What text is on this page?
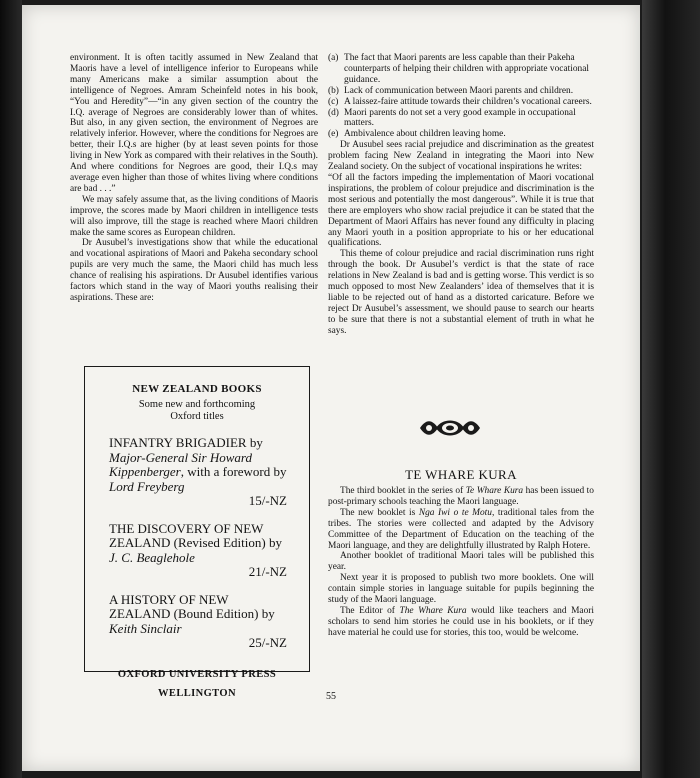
environment. It is often tacitly assumed in New Zealand that Maoris have a level of intelligence inferior to Europeans while many Americans make a similar assumption about the intelligence of Negroes. Amram Scheinfeld notes in his book, “You and Heredity”—“in any given section of the country the I.Q. average of Negroes are considerably lower than of whites. But also, in any given section, the environment of Negroes are relatively inferior. However, where the conditions for Negroes are better, their I.Q.s are higher (by at least seven points for those living in New York as compared with their relatives in the South). And where conditions for Negroes are good, their I.Q.s may average even higher than those of whites living where conditions are bad . . .”

We may safely assume that, as the living conditions of Maoris improve, the scores made by Maori children in intelligence tests will also improve, till the stage is reached where Maori children make the same scores as European children.

Dr Ausubel’s investigations show that while the educational and vocational aspirations of Maori and Pakeha secondary school pupils are very much the same, the Maori child has much less chance of realising his aspirations. Dr Ausubel identifies various factors which stand in the way of Maori youths realising their aspirations. These are:

(a) The fact that Maori parents are less capable than their Pakeha counterparts of helping their children with appropriate vocational guidance.
(b) Lack of communication between Maori parents and children.
(c) A laissez-faire attitude towards their children’s vocational careers.
(d) Maori parents do not set a very good example in occupational matters.
(e) Ambivalence about children leaving home.

Dr Ausubel sees racial prejudice and discrimination as the greatest problem facing New Zealand in integrating the Maori into New Zealand society. On the subject of vocational inspirations he writes:

“Of all the factors impeding the implementation of Maori vocational inspirations, the problem of colour prejudice and discrimination is the most serious and potentially the most dangerous”. While it is true that there are employers who show racial prejudice it can be stated that the Department of Maori Affairs has never found any difficulty in placing any Maori youth in a position appropriate to his or her educational qualifications.

This theme of colour prejudice and racial discrimination runs right through the book. Dr Ausubel’s verdict is that the state of race relations in New Zealand is bad and is getting worse. This verdict is so much opposed to most New Zealanders’ idea of themselves that it is liable to be rejected out of hand as a distorted caricature. Before we reject Dr Ausubel’s assessment, we should pause to search our hearts to be sure that there is not a substantial element of truth in what he says.

NEW ZEALAND BOOKS
Some new and forthcoming
Oxford titles
INFANTRY BRIGADIER by Major-General Sir Howard Kippenberger, with a foreword by Lord Freyberg
15/-NZ
THE DISCOVERY OF NEW ZEALAND (Revised Edition) by J. C. Beaglehole
21/-NZ
A HISTORY OF NEW ZEALAND (Bound Edition) by Keith Sinclair
25/-NZ
OXFORD UNIVERSITY PRESS
WELLINGTON
TE WHARE KURA

The third booklet in the series of Te Whare Kura has been issued to post-primary schools teaching the Maori language.

The new booklet is Nga Iwi o te Motu, traditional tales from the tribes. The stories were collected and adapted by the Advisory Committee of the Department of Education on the teaching of the Maori language, and they are delightfully illustrated by Ralph Hotere.

Another booklet of traditional Maori tales will be published this year.

Next year it is proposed to publish two more booklets. One will contain simple stories in language suitable for pupils beginning the study of the Maori language.

The Editor of The Whare Kura would like teachers and Maori scholars to send him stories he could use in his booklets, or if they have material he could use for stories, this too, would be welcome.

55
